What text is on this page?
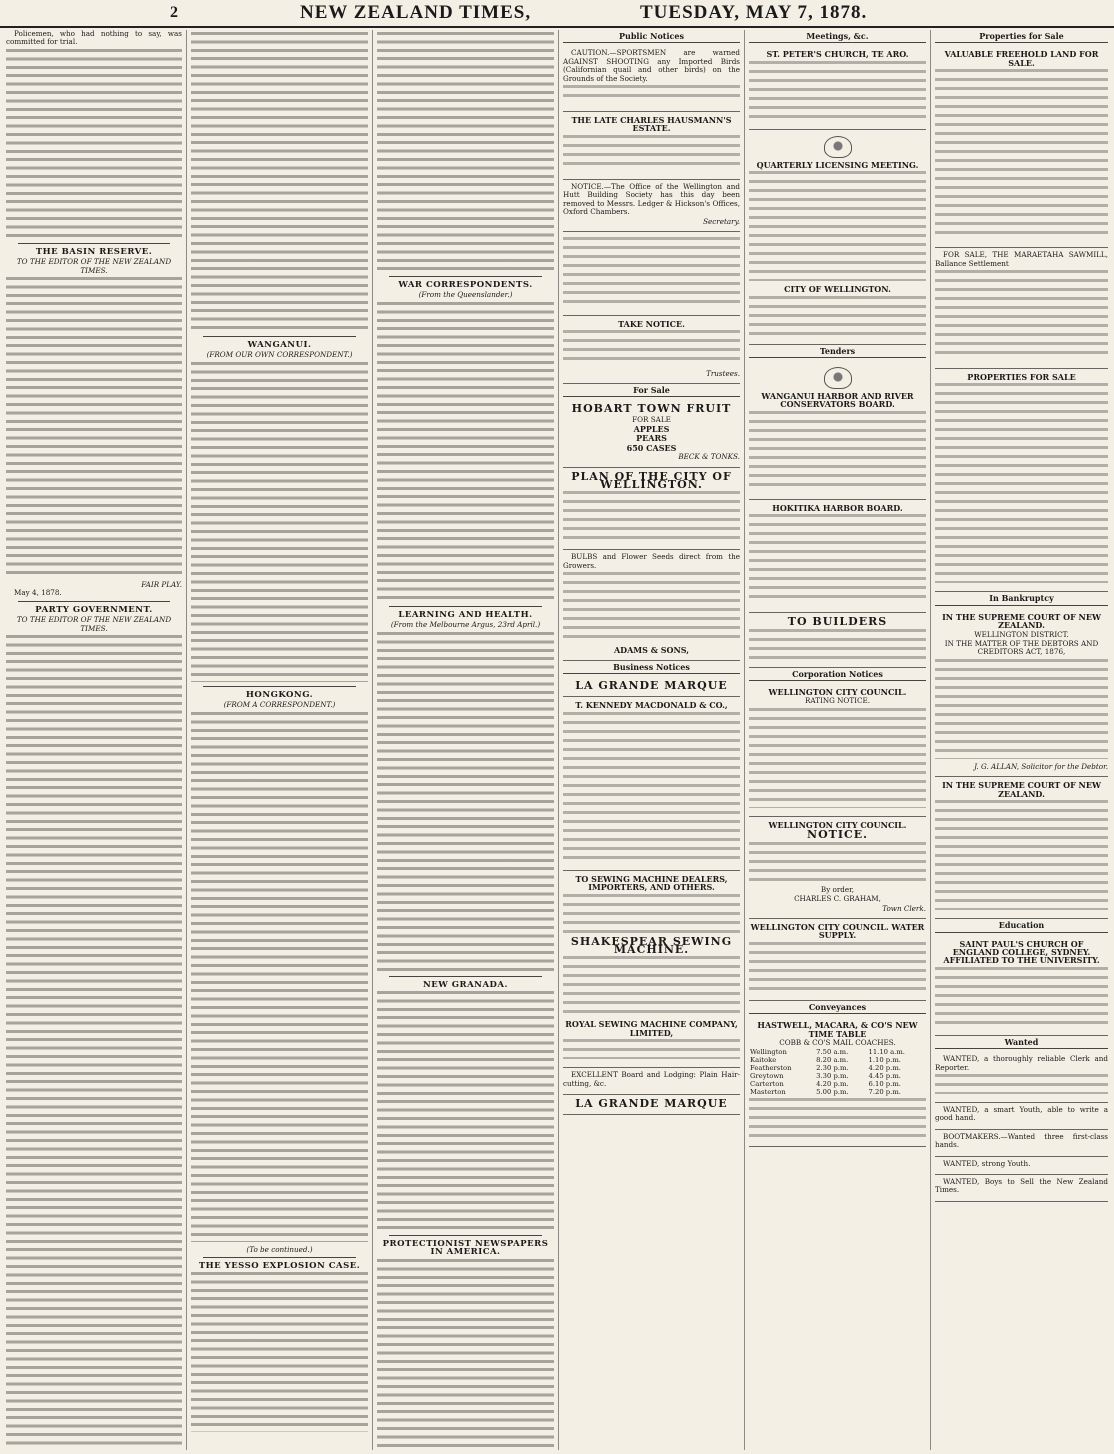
2	NEW ZEALAND TIMES,	TUESDAY, MAY 7, 1878.
Policemen, who had nothing to say, was committed for trial.
THE BASIN RESERVE.
TO THE EDITOR OF THE NEW ZEALAND TIMES.
FAIR PLAY.
May 4, 1878.
PARTY GOVERNMENT.
TO THE EDITOR OF THE NEW ZEALAND TIMES.
WANGANUI.
(FROM OUR OWN CORRESPONDENT.)
HONGKONG.
(FROM A CORRESPONDENT.)
(To be continued.)
THE YESSO EXPLOSION CASE.
WAR CORRESPONDENTS.
(From the Queenslander.)
LEARNING AND HEALTH.
(From the Melbourne Argus, 23rd April.)
NEW GRANADA.
PROTECTIONIST NEWSPAPERS IN AMERICA.
Public Notices
CAUTION.—SPORTSMEN are warned AGAINST SHOOTING any Imported Birds (Californian quail and other birds) on the Grounds of the Society.
THE LATE CHARLES HAUSMANN'S ESTATE.
NOTICE.—The Office of the Wellington and Hutt Building Society has this day been removed to Messrs. Ledger & Hickson's Offices, Oxford Chambers.
Secretary.
TAKE NOTICE.
Trustees.
For Sale
HOBART TOWN FRUIT
FOR SALE
APPLES
PEARS
650 CASES
BECK & TONKS.
PLAN OF THE CITY OF WELLINGTON.
BULBS and Flower Seeds direct from the Growers.
ADAMS & SONS,
Business Notices
LA GRANDE MARQUE
T. KENNEDY MACDONALD & CO.,
TO SEWING MACHINE DEALERS, IMPORTERS, AND OTHERS.
SHAKESPEAR SEWING MACHINE.
ROYAL SEWING MACHINE COMPANY, LIMITED,
EXCELLENT Board and Lodging: Plain Hair-cutting, &c.
LA GRANDE MARQUE
Meetings, &c.
ST. PETER'S CHURCH, TE ARO.
QUARTERLY LICENSING MEETING.
CITY OF WELLINGTON.
Tenders
WANGANUI HARBOR AND RIVER CONSERVATORS BOARD.
HOKITIKA HARBOR BOARD.
TO BUILDERS
Corporation Notices
WELLINGTON CITY COUNCIL.
RATING NOTICE.
WELLINGTON CITY COUNCIL.
NOTICE.
By order,
CHARLES C. GRAHAM,
Town Clerk.
WELLINGTON CITY COUNCIL. WATER SUPPLY.
Conveyances
HASTWELL, MACARA, & CO'S NEW TIME TABLE
COBB & CO'S MAIL COACHES.
Wellington	7.50 a.m.	11.10 a.m.
Kaitoke	8.20 a.m.	1.10 p.m.
Featherston	2.30 p.m.	4.20 p.m.
Greytown	3.30 p.m.	4.45 p.m.
Carterton	4.20 p.m.	6.10 p.m.
Masterton	5.00 p.m.	7.20 p.m.
Properties for Sale
VALUABLE FREEHOLD LAND FOR SALE.
FOR SALE, THE MARAETAHA SAWMILL, Ballance Settlement
PROPERTIES FOR SALE
In Bankruptcy
IN THE SUPREME COURT OF NEW ZEALAND.
WELLINGTON DISTRICT.
IN THE MATTER OF THE DEBTORS AND CREDITORS ACT, 1876,
J. G. ALLAN, Solicitor for the Debtor.
IN THE SUPREME COURT OF NEW ZEALAND.
Education
SAINT PAUL'S CHURCH OF ENGLAND COLLEGE, SYDNEY. AFFILIATED TO THE UNIVERSITY.
Wanted
WANTED, a thoroughly reliable Clerk and Reporter.
WANTED, a smart Youth, able to write a good hand.
BOOTMAKERS.—Wanted three first-class hands.
WANTED, strong Youth.
WANTED, Boys to Sell the New Zealand Times.
